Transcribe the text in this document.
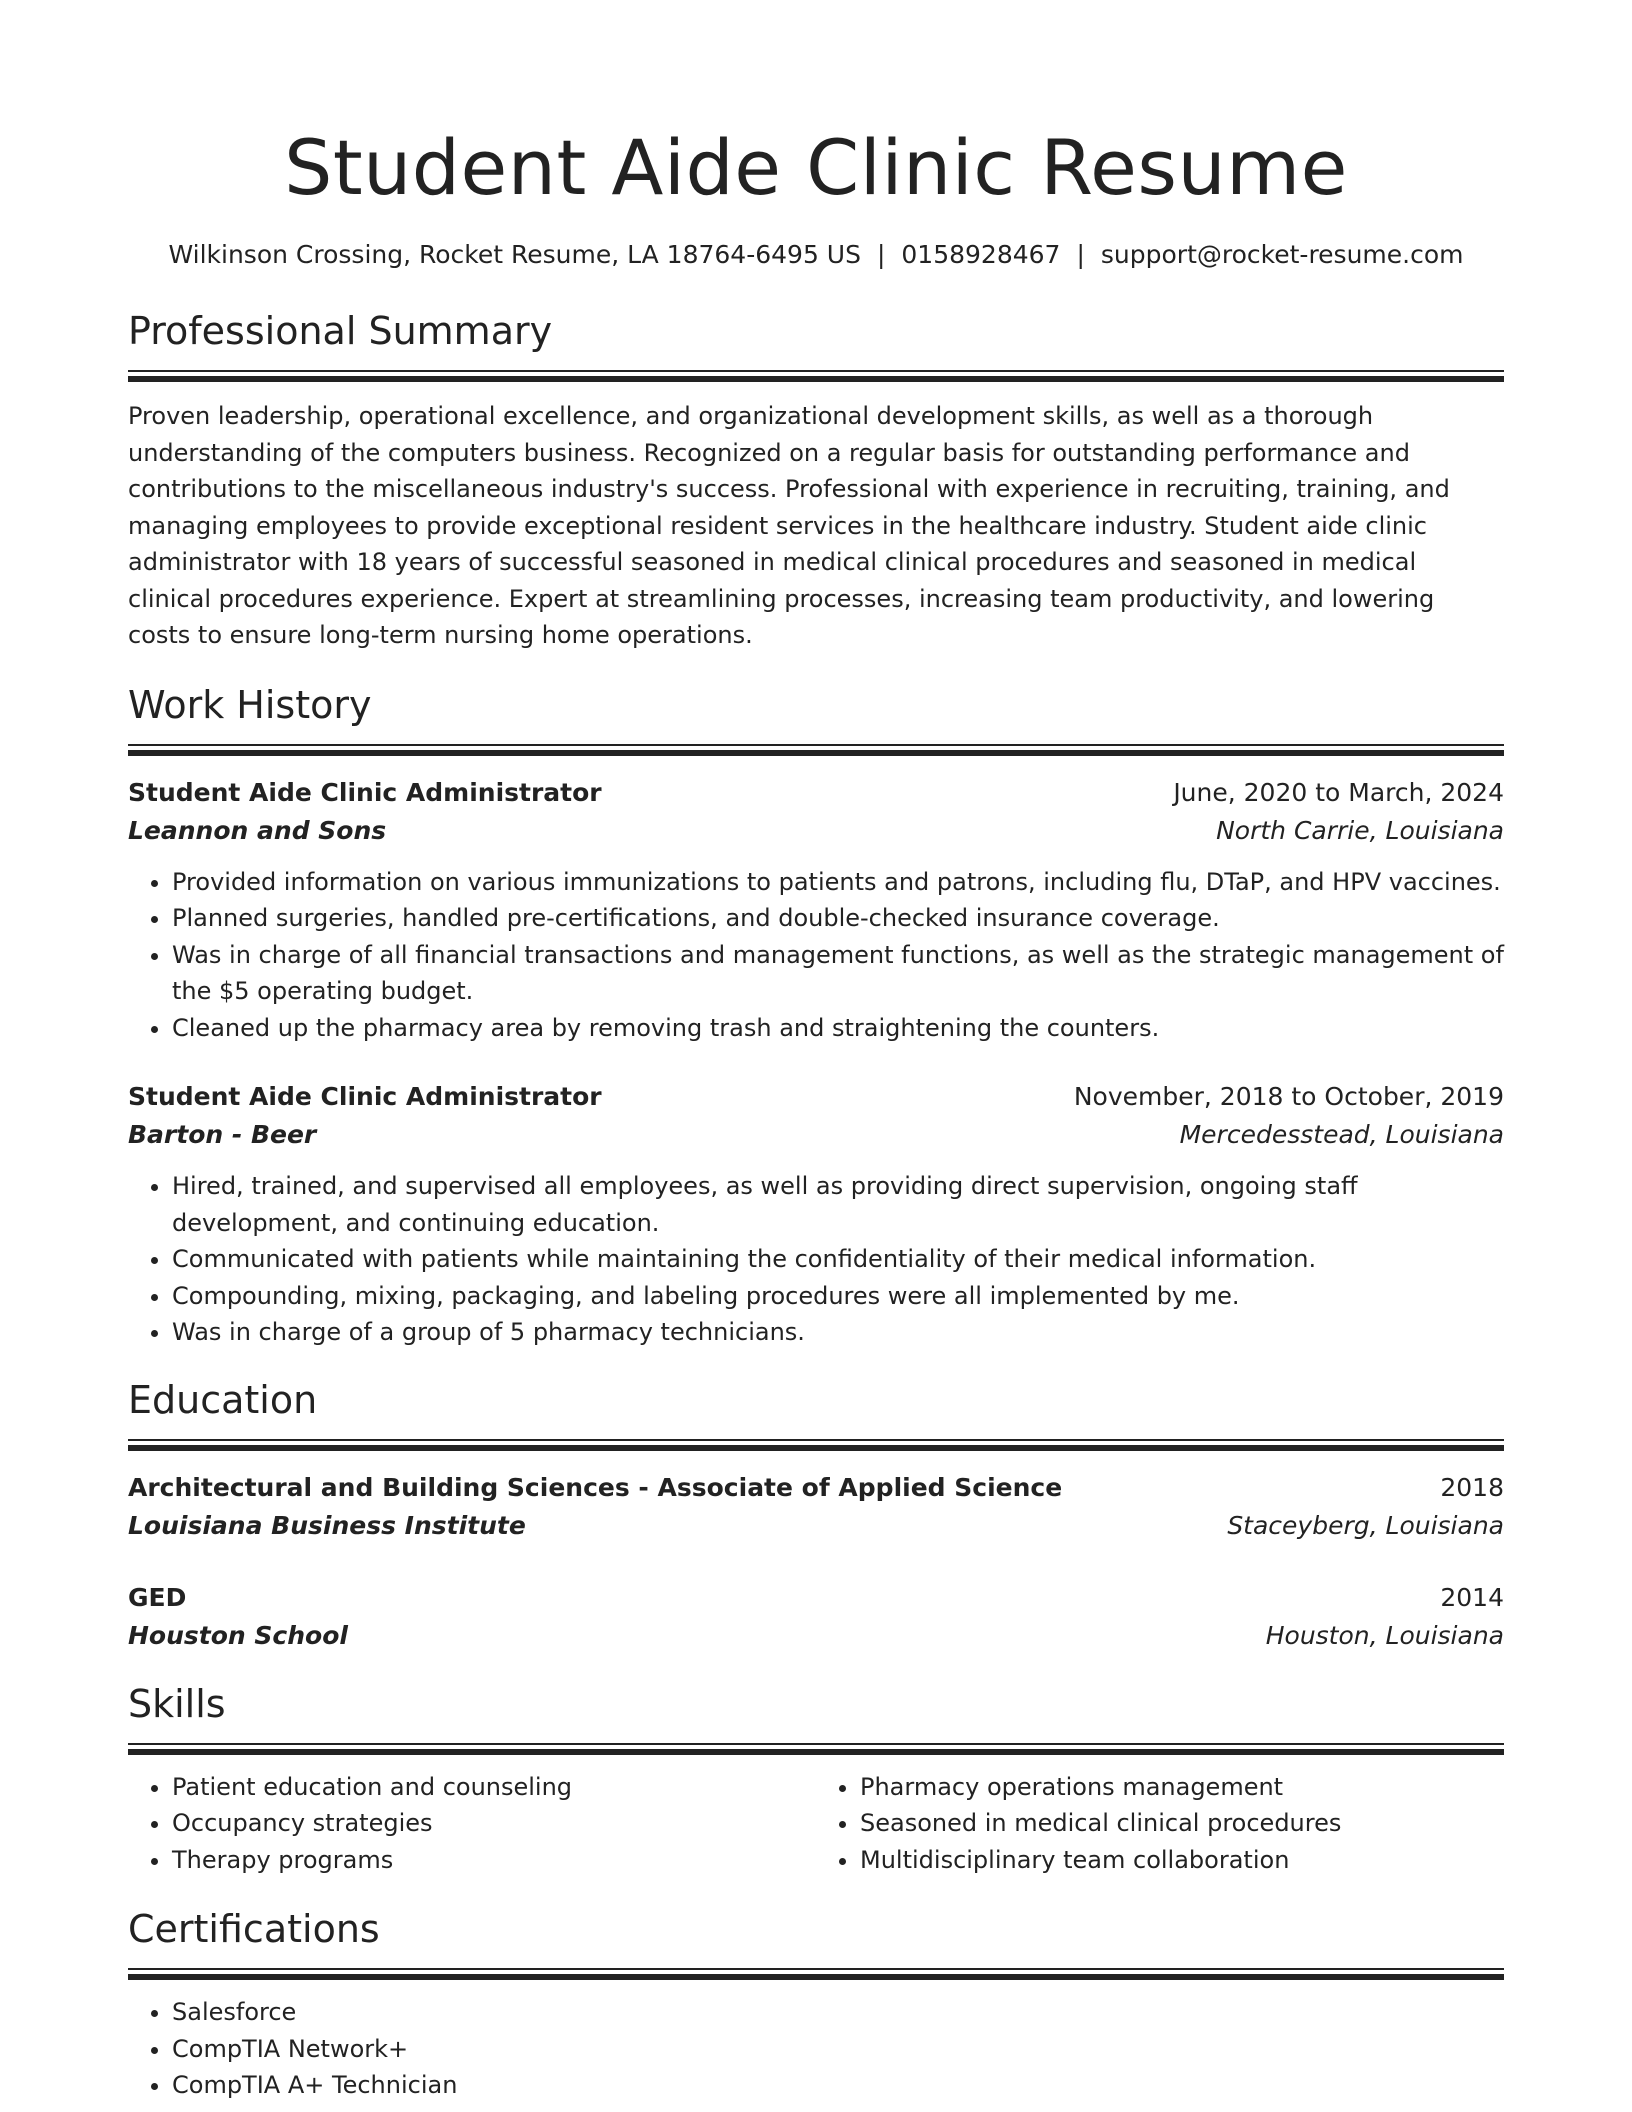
Student Aide Clinic Resume
Wilkinson Crossing, Rocket Resume, LA 18764-6495 US | 0158928467 | support@rocket-resume.com
Professional Summary
Proven leadership, operational excellence, and organizational development skills, as well as a thorough understanding of the computers business. Recognized on a regular basis for outstanding performance and contributions to the miscellaneous industry's success. Professional with experience in recruiting, training, and managing employees to provide exceptional resident services in the healthcare industry. Student aide clinic administrator with 18 years of successful seasoned in medical clinical procedures and seasoned in medical clinical procedures experience. Expert at streamlining processes, increasing team productivity, and lowering costs to ensure long-term nursing home operations.
Work History
Student Aide Clinic Administrator	June, 2020 to March, 2024
Leannon and Sons	North Carrie, Louisiana
• Provided information on various immunizations to patients and patrons, including flu, DTaP, and HPV vaccines.
• Planned surgeries, handled pre-certifications, and double-checked insurance coverage.
• Was in charge of all financial transactions and management functions, as well as the strategic management of the $5 operating budget.
• Cleaned up the pharmacy area by removing trash and straightening the counters.
Student Aide Clinic Administrator	November, 2018 to October, 2019
Barton - Beer	Mercedesstead, Louisiana
• Hired, trained, and supervised all employees, as well as providing direct supervision, ongoing staff development, and continuing education.
• Communicated with patients while maintaining the confidentiality of their medical information.
• Compounding, mixing, packaging, and labeling procedures were all implemented by me.
• Was in charge of a group of 5 pharmacy technicians.
Education
Architectural and Building Sciences - Associate of Applied Science	2018
Louisiana Business Institute	Staceyberg, Louisiana
GED	2014
Houston School	Houston, Louisiana
Skills
• Patient education and counseling
• Occupancy strategies
• Therapy programs
• Pharmacy operations management
• Seasoned in medical clinical procedures
• Multidisciplinary team collaboration
Certifications
• Salesforce
• CompTIA Network+
• CompTIA A+ Technician
